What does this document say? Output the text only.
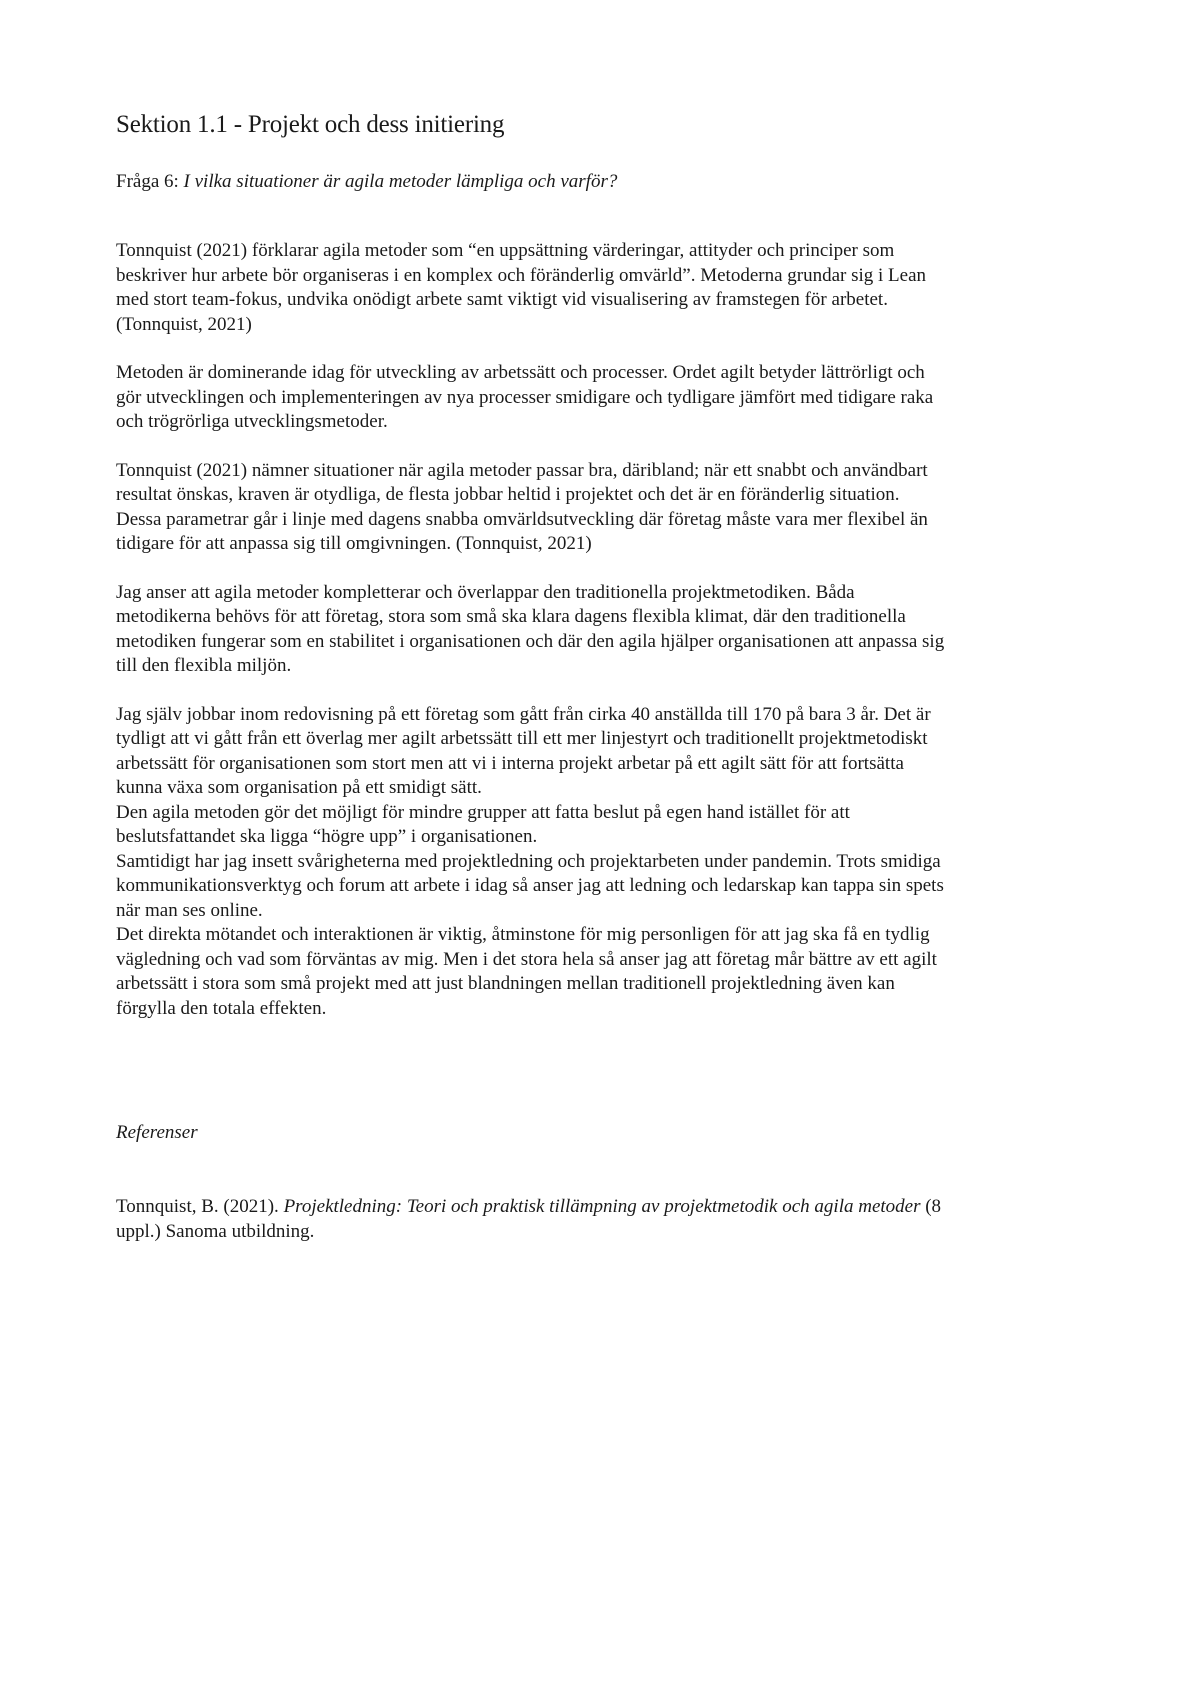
Sektion 1.1 - Projekt och dess initiering

Fråga 6: I vilka situationer är agila metoder lämpliga och varför?

Tonnquist (2021) förklarar agila metoder som “en uppsättning värderingar, attityder och principer som
beskriver hur arbete bör organiseras i en komplex och föränderlig omvärld”. Metoderna grundar sig i Lean
med stort team-fokus, undvika onödigt arbete samt viktigt vid visualisering av framstegen för arbetet.
(Tonnquist, 2021)

Metoden är dominerande idag för utveckling av arbetssätt och processer. Ordet agilt betyder lättrörligt och
gör utvecklingen och implementeringen av nya processer smidigare och tydligare jämfört med tidigare raka
och trögrörliga utvecklingsmetoder.

Tonnquist (2021) nämner situationer när agila metoder passar bra, däribland; när ett snabbt och användbart
resultat önskas, kraven är otydliga, de flesta jobbar heltid i projektet och det är en föränderlig situation.
Dessa parametrar går i linje med dagens snabba omvärldsutveckling där företag måste vara mer flexibel än
tidigare för att anpassa sig till omgivningen. (Tonnquist, 2021)

Jag anser att agila metoder kompletterar och överlappar den traditionella projektmetodiken. Båda
metodikerna behövs för att företag, stora som små ska klara dagens flexibla klimat, där den traditionella
metodiken fungerar som en stabilitet i organisationen och där den agila hjälper organisationen att anpassa sig
till den flexibla miljön.

Jag själv jobbar inom redovisning på ett företag som gått från cirka 40 anställda till 170 på bara 3 år. Det är
tydligt att vi gått från ett överlag mer agilt arbetssätt till ett mer linjestyrt och traditionellt projektmetodiskt
arbetssätt för organisationen som stort men att vi i interna projekt arbetar på ett agilt sätt för att fortsätta
kunna växa som organisation på ett smidigt sätt.
Den agila metoden gör det möjligt för mindre grupper att fatta beslut på egen hand istället för att
beslutsfattandet ska ligga “högre upp” i organisationen.
Samtidigt har jag insett svårigheterna med projektledning och projektarbeten under pandemin. Trots smidiga
kommunikationsverktyg och forum att arbete i idag så anser jag att ledning och ledarskap kan tappa sin spets
när man ses online.
Det direkta mötandet och interaktionen är viktig, åtminstone för mig personligen för att jag ska få en tydlig
vägledning och vad som förväntas av mig. Men i det stora hela så anser jag att företag mår bättre av ett agilt
arbetssätt i stora som små projekt med att just blandningen mellan traditionell projektledning även kan
förgylla den totala effekten.

Referenser

Tonnquist, B. (2021). Projektledning: Teori och praktisk tillämpning av projektmetodik och agila metoder (8
uppl.) Sanoma utbildning.
